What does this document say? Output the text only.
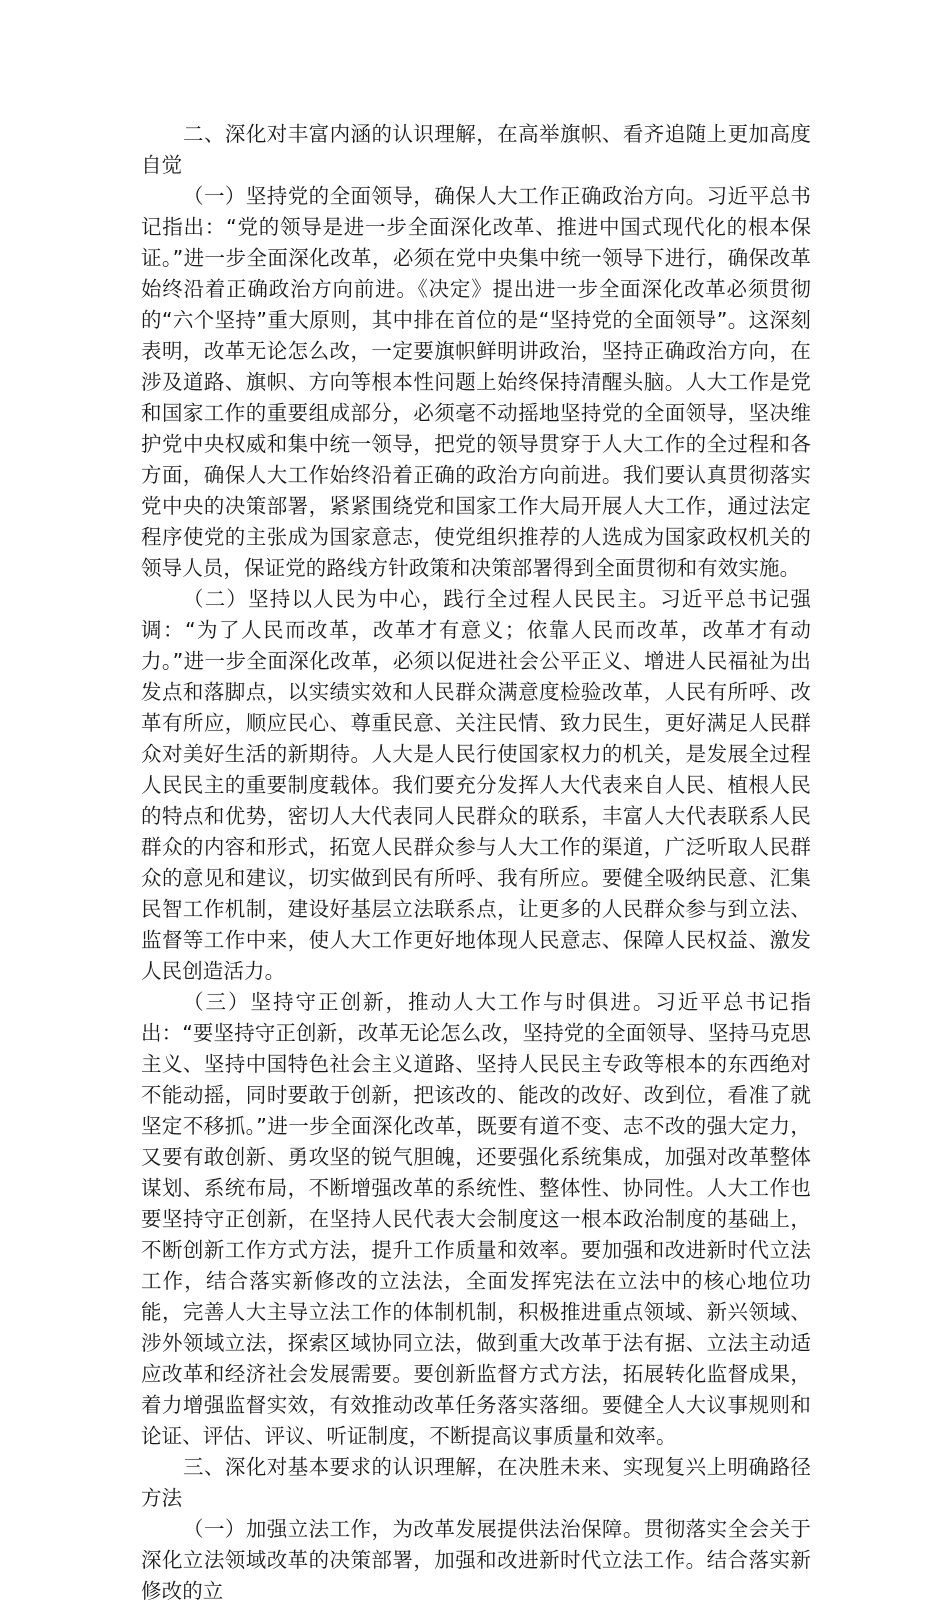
二、深化对丰富内涵的认识理解，在高举旗帜、看齐追随上更加高度自觉

（一）坚持党的全面领导，确保人大工作正确政治方向。习近平总书记指出：“党的领导是进一步全面深化改革、推进中国式现代化的根本保证。”进一步全面深化改革，必须在党中央集中统一领导下进行，确保改革始终沿着正确政治方向前进。《决定》提出进一步全面深化改革必须贯彻的“六个坚持”重大原则，其中排在首位的是“坚持党的全面领导”。这深刻表明，改革无论怎么改，一定要旗帜鲜明讲政治，坚持正确政治方向，在涉及道路、旗帜、方向等根本性问题上始终保持清醒头脑。人大工作是党和国家工作的重要组成部分，必须毫不动摇地坚持党的全面领导，坚决维护党中央权威和集中统一领导，把党的领导贯穿于人大工作的全过程和各方面，确保人大工作始终沿着正确的政治方向前进。我们要认真贯彻落实党中央的决策部署，紧紧围绕党和国家工作大局开展人大工作，通过法定程序使党的主张成为国家意志，使党组织推荐的人选成为国家政权机关的领导人员，保证党的路线方针政策和决策部署得到全面贯彻和有效实施。

（二）坚持以人民为中心，践行全过程人民民主。习近平总书记强调：“为了人民而改革，改革才有意义；依靠人民而改革，改革才有动力。”进一步全面深化改革，必须以促进社会公平正义、增进人民福祉为出发点和落脚点，以实绩实效和人民群众满意度检验改革，人民有所呼、改革有所应，顺应民心、尊重民意、关注民情、致力民生，更好满足人民群众对美好生活的新期待。人大是人民行使国家权力的机关，是发展全过程人民民主的重要制度载体。我们要充分发挥人大代表来自人民、植根人民的特点和优势，密切人大代表同人民群众的联系，丰富人大代表联系人民群众的内容和形式，拓宽人民群众参与人大工作的渠道，广泛听取人民群众的意见和建议，切实做到民有所呼、我有所应。要健全吸纳民意、汇集民智工作机制，建设好基层立法联系点，让更多的人民群众参与到立法、监督等工作中来，使人大工作更好地体现人民意志、保障人民权益、激发人民创造活力。

（三）坚持守正创新，推动人大工作与时俱进。习近平总书记指出：“要坚持守正创新，改革无论怎么改，坚持党的全面领导、坚持马克思主义、坚持中国特色社会主义道路、坚持人民民主专政等根本的东西绝对不能动摇，同时要敢于创新，把该改的、能改的改好、改到位，看准了就坚定不移抓。”进一步全面深化改革，既要有道不变、志不改的强大定力，又要有敢创新、勇攻坚的锐气胆魄，还要强化系统集成，加强对改革整体谋划、系统布局，不断增强改革的系统性、整体性、协同性。人大工作也要坚持守正创新，在坚持人民代表大会制度这一根本政治制度的基础上，不断创新工作方式方法，提升工作质量和效率。要加强和改进新时代立法工作，结合落实新修改的立法法，全面发挥宪法在立法中的核心地位功能，完善人大主导立法工作的体制机制，积极推进重点领域、新兴领域、涉外领域立法，探索区域协同立法，做到重大改革于法有据、立法主动适应改革和经济社会发展需要。要创新监督方式方法，拓展转化监督成果，着力增强监督实效，有效推动改革任务落实落细。要健全人大议事规则和论证、评估、评议、听证制度，不断提高议事质量和效率。

三、深化对基本要求的认识理解，在决胜未来、实现复兴上明确路径方法

（一）加强立法工作，为改革发展提供法治保障。贯彻落实全会关于深化立法领域改革的决策部署，加强和改进新时代立法工作。结合落实新修改的立
